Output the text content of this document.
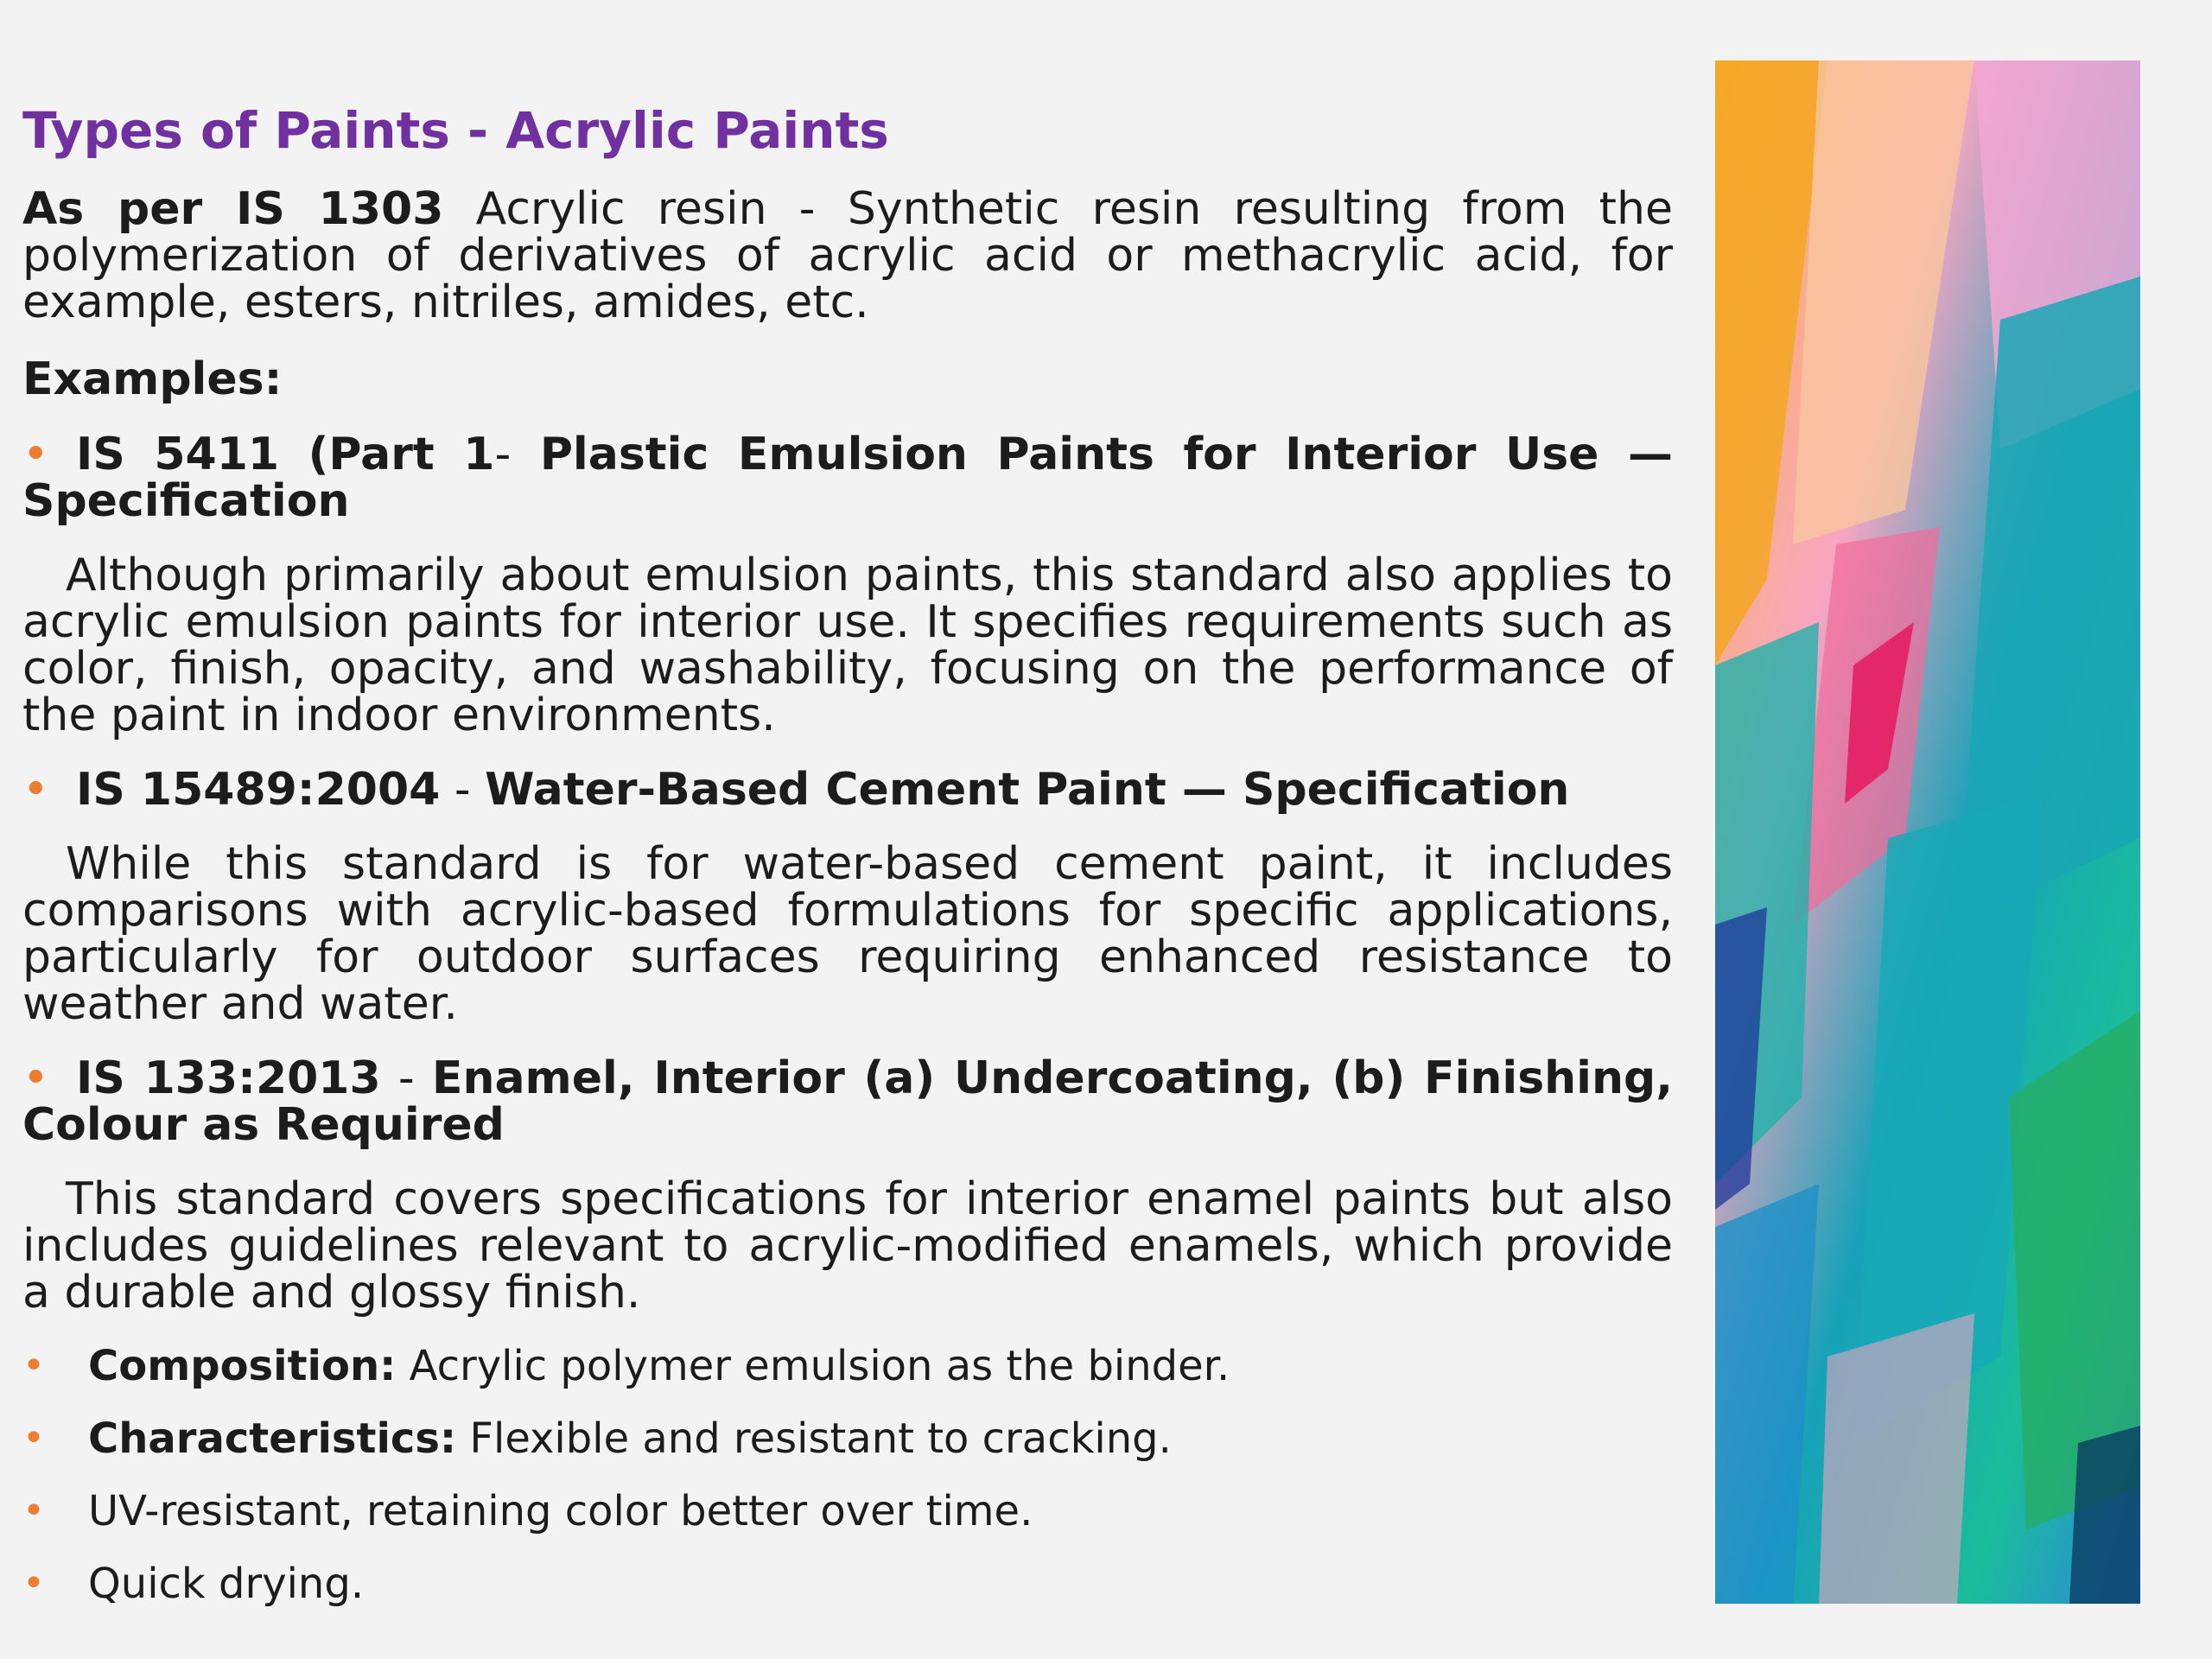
Types of Paints - Acrylic Paints

As per IS 1303 Acrylic resin - Synthetic resin resulting from the polymerization of derivatives of acrylic acid or methacrylic acid, for example, esters, nitriles, amides, etc.

Examples:
• IS 5411 (Part 1- Plastic Emulsion Paints for Interior Use — Specification

Although primarily about emulsion paints, this standard also applies to acrylic emulsion paints for interior use. It specifies requirements such as color, finish, opacity, and washability, focusing on the performance of the paint in indoor environments.

• IS 15489:2004 - Water-Based Cement Paint — Specification

While this standard is for water-based cement paint, it includes comparisons with acrylic-based formulations for specific applications, particularly for outdoor surfaces requiring enhanced resistance to weather and water.

• IS 133:2013 - Enamel, Interior (a) Undercoating, (b) Finishing, Colour as Required

This standard covers specifications for interior enamel paints but also includes guidelines relevant to acrylic-modified enamels, which provide a durable and glossy finish.

• Composition: Acrylic polymer emulsion as the binder.
• Characteristics: Flexible and resistant to cracking.
• UV-resistant, retaining color better over time.
• Quick drying.
